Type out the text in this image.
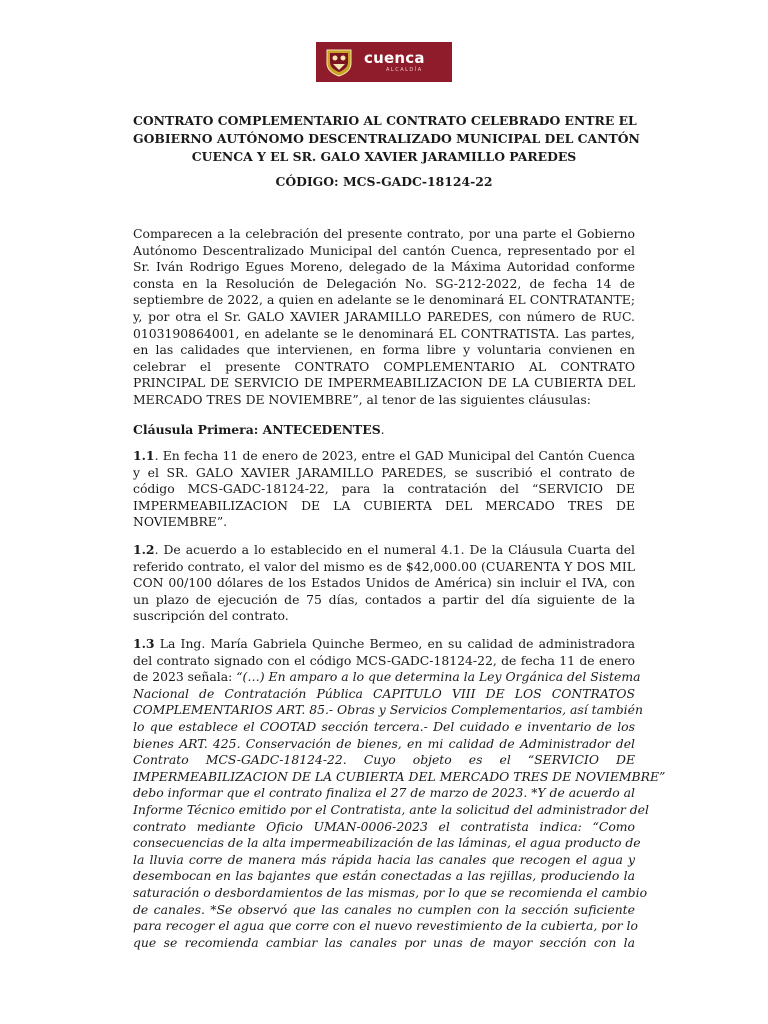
cuenca
ALCALDÍA
CONTRATO COMPLEMENTARIO AL CONTRATO CELEBRADO ENTRE EL
GOBIERNO AUTÓNOMO DESCENTRALIZADO MUNICIPAL DEL CANTÓN
CUENCA Y EL SR. GALO XAVIER JARAMILLO PAREDES
CÓDIGO: MCS-GADC-18124-22
Comparecen a la celebración del presente contrato, por una parte el Gobierno
Autónomo Descentralizado Municipal del cantón Cuenca, representado por el
Sr. Iván Rodrigo Egues Moreno, delegado de la Máxima Autoridad conforme
consta en la Resolución de Delegación No. SG-212-2022, de fecha 14 de
septiembre de 2022, a quien en adelante se le denominará EL CONTRATANTE;
y, por otra el Sr. GALO XAVIER JARAMILLO PAREDES, con número de RUC.
0103190864001, en adelante se le denominará EL CONTRATISTA. Las partes,
en las calidades que intervienen, en forma libre y voluntaria convienen en
celebrar el presente CONTRATO COMPLEMENTARIO AL CONTRATO
PRINCIPAL DE SERVICIO DE IMPERMEABILIZACION DE LA CUBIERTA DEL
MERCADO TRES DE NOVIEMBRE”, al tenor de las siguientes cláusulas:
Cláusula Primera: ANTECEDENTES.
1.1. En fecha 11 de enero de 2023, entre el GAD Municipal del Cantón Cuenca
y el SR. GALO XAVIER JARAMILLO PAREDES, se suscribió el contrato de
código MCS-GADC-18124-22, para la contratación del “SERVICIO DE
IMPERMEABILIZACION DE LA CUBIERTA DEL MERCADO TRES DE
NOVIEMBRE”.
1.2. De acuerdo a lo establecido en el numeral 4.1. De la Cláusula Cuarta del
referido contrato, el valor del mismo es de $42,000.00 (CUARENTA Y DOS MIL
CON 00/100 dólares de los Estados Unidos de América) sin incluir el IVA, con
un plazo de ejecución de 75 días, contados a partir del día siguiente de la
suscripción del contrato.
1.3 La Ing. María Gabriela Quinche Bermeo, en su calidad de administradora
del contrato signado con el código MCS-GADC-18124-22, de fecha 11 de enero
de 2023 señala: “(…) En amparo a lo que determina la Ley Orgánica del Sistema
Nacional de Contratación Pública CAPITULO VIII DE LOS CONTRATOS
COMPLEMENTARIOS ART. 85.- Obras y Servicios Complementarios, así también
lo que establece el COOTAD sección tercera.- Del cuidado e inventario de los
bienes ART. 425. Conservación de bienes, en mi calidad de Administrador del
Contrato MCS-GADC-18124-22. Cuyo objeto es el “SERVICIO DE
IMPERMEABILIZACION DE LA CUBIERTA DEL MERCADO TRES DE NOVIEMBRE”
debo informar que el contrato finaliza el 27 de marzo de 2023. *Y de acuerdo al
Informe Técnico emitido por el Contratista, ante la solicitud del administrador del
contrato mediante Oficio UMAN-0006-2023 el contratista indica: “Como
consecuencias de la alta impermeabilización de las láminas, el agua producto de
la lluvia corre de manera más rápida hacia las canales que recogen el agua y
desembocan en las bajantes que están conectadas a las rejillas, produciendo la
saturación o desbordamientos de las mismas, por lo que se recomienda el cambio
de canales. *Se observó que las canales no cumplen con la sección suficiente
para recoger el agua que corre con el nuevo revestimiento de la cubierta, por lo
que se recomienda cambiar las canales por unas de mayor sección con la
